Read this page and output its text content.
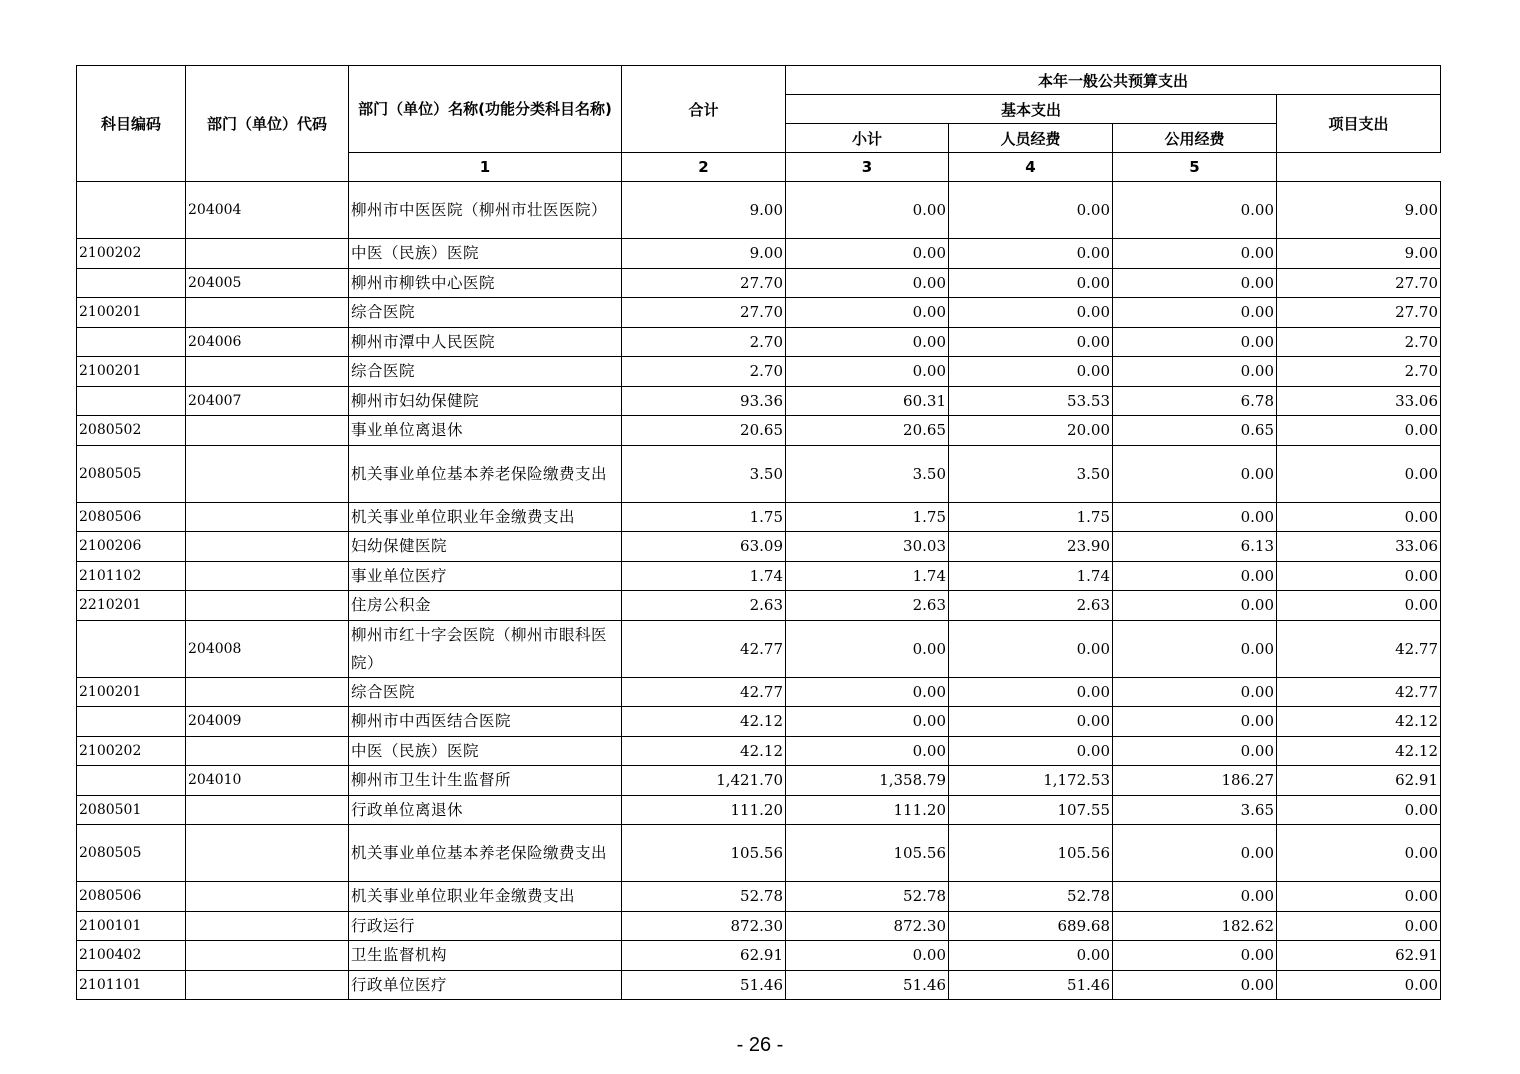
科目编码	部门（单位）代码	部门（单位）名称(功能分类科目名称)	合计	本年一般公共预算支出			
				基本支出			项目支出
				小计	人员经费	公用经费	
		1	2	3	4	5	
	204004	柳州市中医医院（柳州市壮医医院）	9.00	0.00	0.00	0.00	9.00
2100202		中医（民族）医院	9.00	0.00	0.00	0.00	9.00
	204005	柳州市柳铁中心医院	27.70	0.00	0.00	0.00	27.70
2100201		综合医院	27.70	0.00	0.00	0.00	27.70
	204006	柳州市潭中人民医院	2.70	0.00	0.00	0.00	2.70
2100201		综合医院	2.70	0.00	0.00	0.00	2.70
	204007	柳州市妇幼保健院	93.36	60.31	53.53	6.78	33.06
2080502		事业单位离退休	20.65	20.65	20.00	0.65	0.00
2080505		机关事业单位基本养老保险缴费支出	3.50	3.50	3.50	0.00	0.00
2080506		机关事业单位职业年金缴费支出	1.75	1.75	1.75	0.00	0.00
2100206		妇幼保健医院	63.09	30.03	23.90	6.13	33.06
2101102		事业单位医疗	1.74	1.74	1.74	0.00	0.00
2210201		住房公积金	2.63	2.63	2.63	0.00	0.00
	204008	柳州市红十字会医院（柳州市眼科医院）	42.77	0.00	0.00	0.00	42.77
2100201		综合医院	42.77	0.00	0.00	0.00	42.77
	204009	柳州市中西医结合医院	42.12	0.00	0.00	0.00	42.12
2100202		中医（民族）医院	42.12	0.00	0.00	0.00	42.12
	204010	柳州市卫生计生监督所	1,421.70	1,358.79	1,172.53	186.27	62.91
2080501		行政单位离退休	111.20	111.20	107.55	3.65	0.00
2080505		机关事业单位基本养老保险缴费支出	105.56	105.56	105.56	0.00	0.00
2080506		机关事业单位职业年金缴费支出	52.78	52.78	52.78	0.00	0.00
2100101		行政运行	872.30	872.30	689.68	182.62	0.00
2100402		卫生监督机构	62.91	0.00	0.00	0.00	62.91
2101101		行政单位医疗	51.46	51.46	51.46	0.00	0.00
- 26 -
